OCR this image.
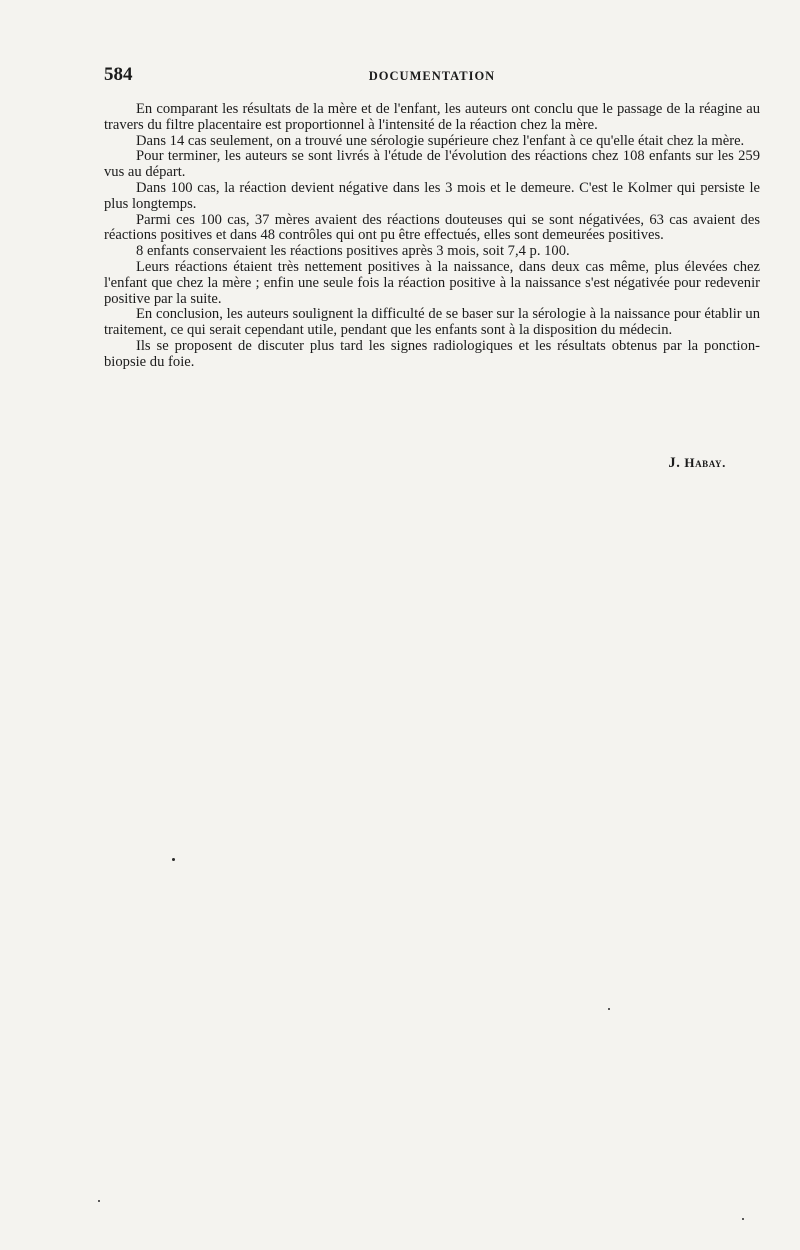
584	DOCUMENTATION

En comparant les résultats de la mère et de l'enfant, les auteurs ont conclu que le passage de la réagine au travers du filtre placentaire est proportionnel à l'intensité de la réaction chez la mère.

Dans 14 cas seulement, on a trouvé une sérologie supérieure chez l'enfant à ce qu'elle était chez la mère.

Pour terminer, les auteurs se sont livrés à l'étude de l'évolution des réactions chez 108 enfants sur les 259 vus au départ.

Dans 100 cas, la réaction devient négative dans les 3 mois et le demeure. C'est le Kolmer qui persiste le plus longtemps.

Parmi ces 100 cas, 37 mères avaient des réactions douteuses qui se sont négativées, 63 cas avaient des réactions positives et dans 48 contrôles qui ont pu être effectués, elles sont demeurées positives.

8 enfants conservaient les réactions positives après 3 mois, soit 7,4 p. 100.

Leurs réactions étaient très nettement positives à la naissance, dans deux cas même, plus élevées chez l'enfant que chez la mère ; enfin une seule fois la réaction positive à la naissance s'est négativée pour redevenir positive par la suite.

En conclusion, les auteurs soulignent la difficulté de se baser sur la sérologie à la naissance pour établir un traitement, ce qui serait cependant utile, pendant que les enfants sont à la disposition du médecin.

Ils se proposent de discuter plus tard les signes radiologiques et les résultats obtenus par la ponction-biopsie du foie.

J. Habay.
